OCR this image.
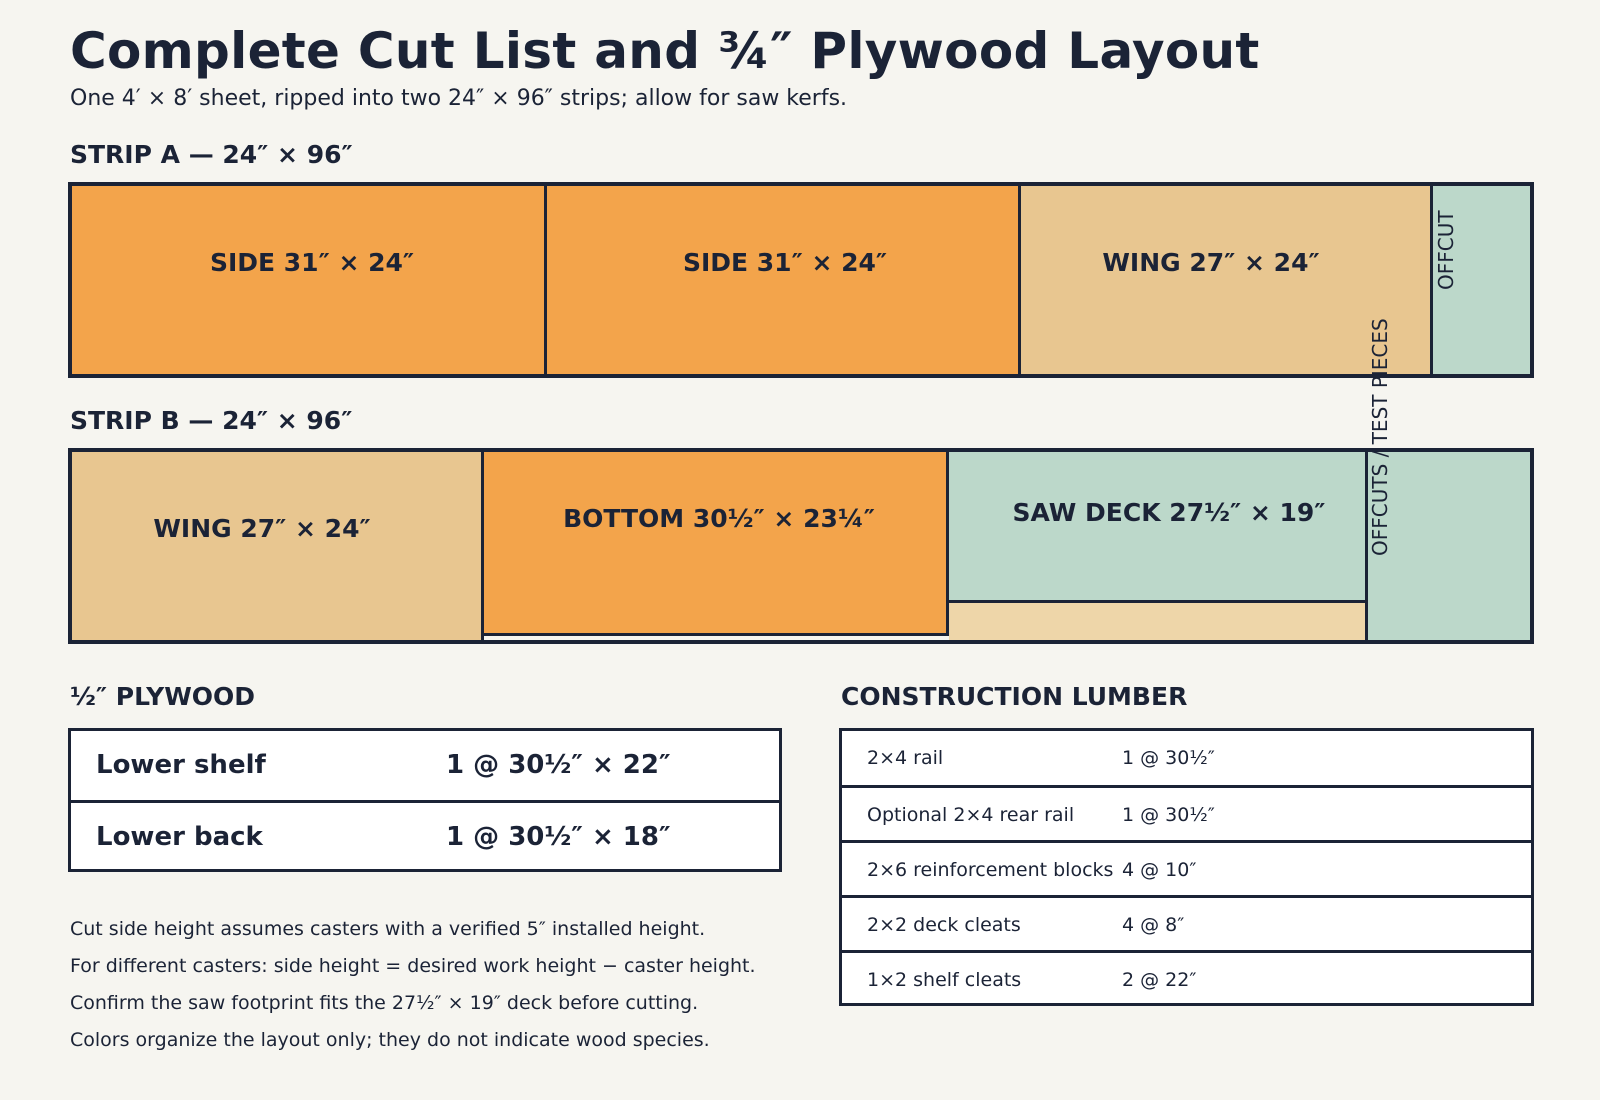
Complete Cut List and ¾″ Plywood Layout
One 4′ × 8′ sheet, ripped into two 24″ × 96″ strips; allow for saw kerfs.
STRIP A — 24″ × 96″
SIDE 31″ × 24″	SIDE 31″ × 24″	WING 27″ × 24″	OFFCUT
STRIP B — 24″ × 96″
WING 27″ × 24″	BOTTOM 30½″ × 23¼″	SAW DECK 27½″ × 19″ OFFCUTS / TEST PIECES
½″ PLYWOOD
Lower shelf	1 @ 30½″ × 22″
Lower back	1 @ 30½″ × 18″
CONSTRUCTION LUMBER
2×4 rail	1 @ 30½″
Optional 2×4 rear rail	1 @ 30½″
2×6 reinforcement blocks 4 @ 10″
2×2 deck cleats	4 @ 8″
1×2 shelf cleats	2 @ 22″
Cut side height assumes casters with a verified 5″ installed height.
For different casters: side height = desired work height − caster height.
Confirm the saw footprint fits the 27½″ × 19″ deck before cutting.
Colors organize the layout only; they do not indicate wood species.
